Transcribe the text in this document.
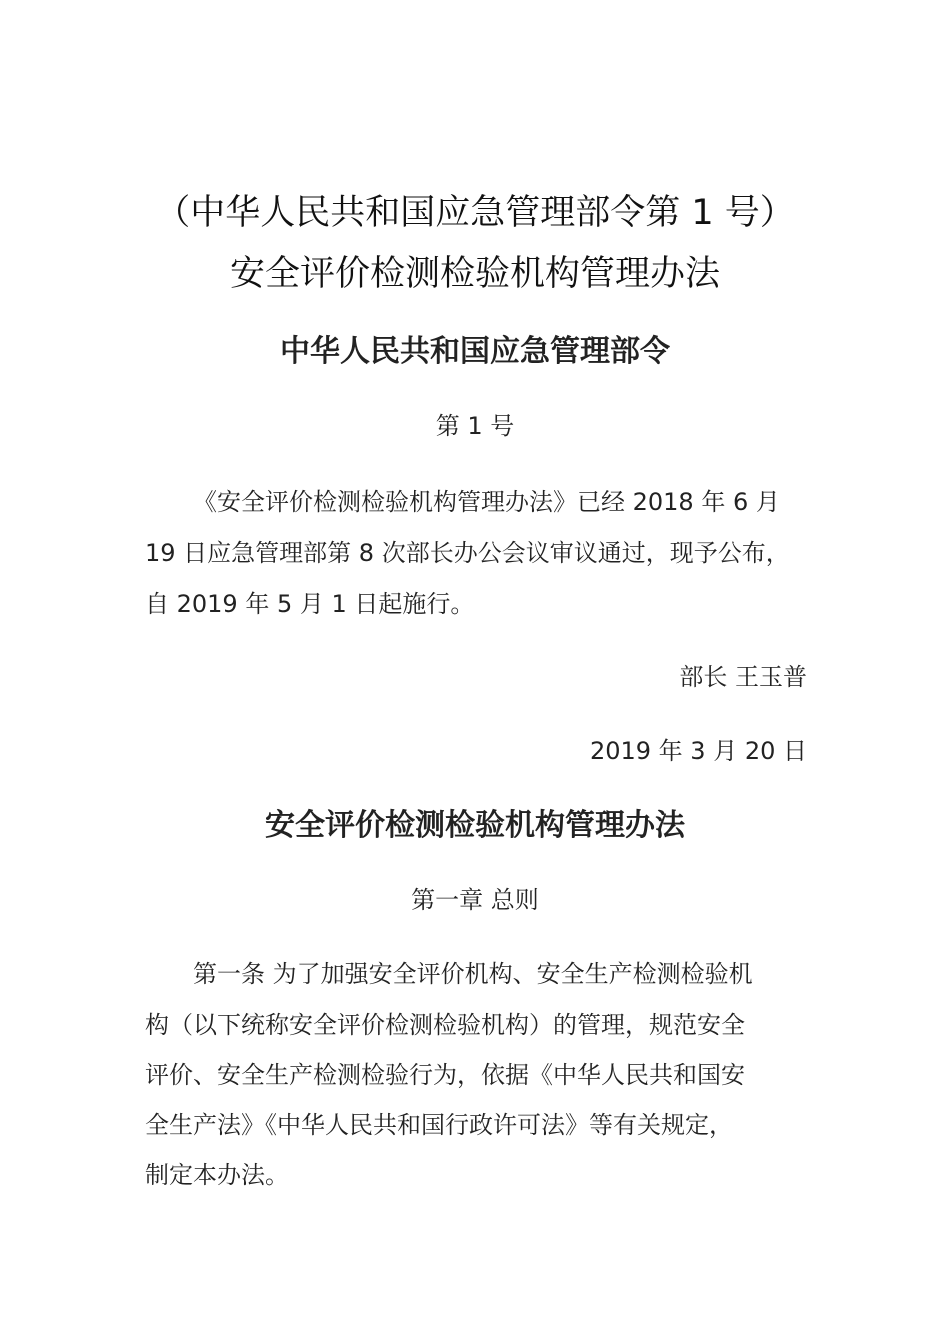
（中华人民共和国应急管理部令第 1 号）
安全评价检测检验机构管理办法
中华人民共和国应急管理部令
第 1 号
《安全评价检测检验机构管理办法》已经 2018 年 6 月
19 日应急管理部第 8 次部长办公会议审议通过，现予公布，
自 2019 年 5 月 1 日起施行。
部长 王玉普
2019 年 3 月 20 日
安全评价检测检验机构管理办法
第一章 总则
第一条 为了加强安全评价机构、安全生产检测检验机
构（以下统称安全评价检测检验机构）的管理，规范安全
评价、安全生产检测检验行为，依据《中华人民共和国安
全生产法》《中华人民共和国行政许可法》等有关规定，
制定本办法。
